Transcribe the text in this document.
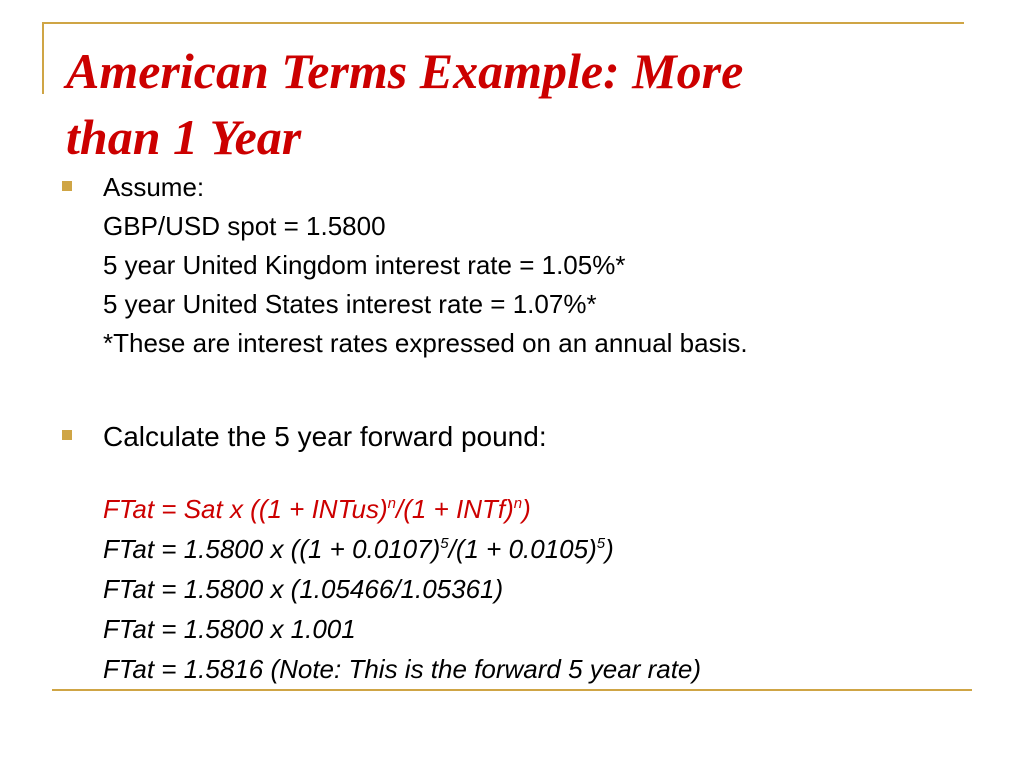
American Terms Example: More
than 1 Year
Assume:
GBP/USD spot = 1.5800
5 year United Kingdom interest rate = 1.05%*
5 year United States interest rate = 1.07%*
*These are interest rates expressed on an annual basis.
Calculate the 5 year forward pound:
FTat = Sat x ((1 + INTus)$^n$/(1 + INTf)$^n$)
FTat = 1.5800 x $((1 + 0.0107)^5/(1 + 0.0105)^5)$
FTat = 1.5800 x (1.05466/1.05361)
FTat = 1.5800 x 1.001
FTat = 1.5816 (Note: This is the forward 5 year rate)
